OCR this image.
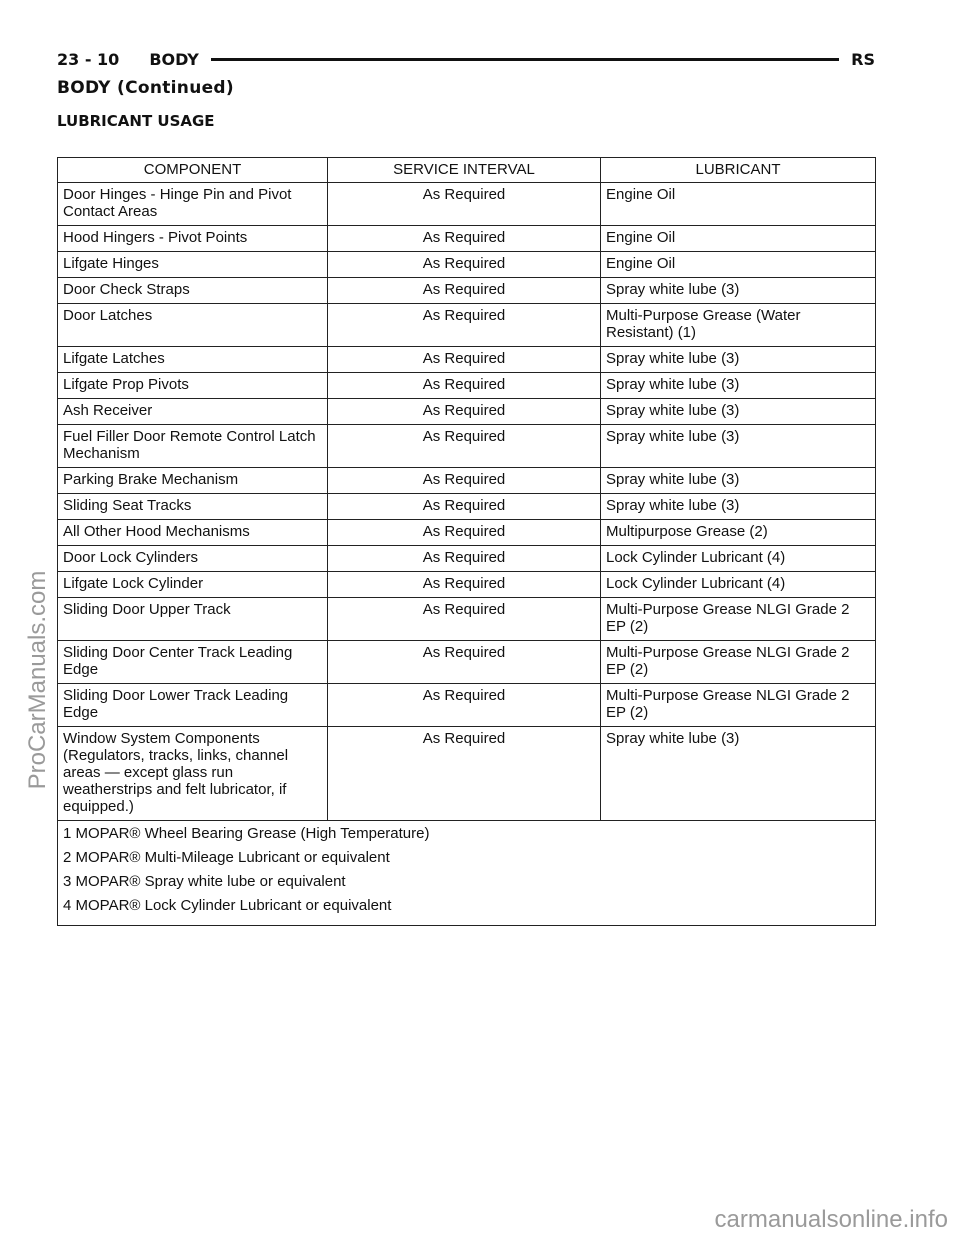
23 - 10 BODY	RS
BODY (Continued)
LUBRICANT USAGE
COMPONENT	SERVICE INTERVAL	LUBRICANT
Door Hinges - Hinge Pin and Pivot Contact Areas	As Required	Engine Oil
Hood Hingers - Pivot Points	As Required	Engine Oil
Lifgate Hinges	As Required	Engine Oil
Door Check Straps	As Required	Spray white lube (3)
Door Latches	As Required	Multi-Purpose Grease (Water Resistant) (1)
Lifgate Latches	As Required	Spray white lube (3)
Lifgate Prop Pivots	As Required	Spray white lube (3)
Ash Receiver	As Required	Spray white lube (3)
Fuel Filler Door Remote Control Latch Mechanism	As Required	Spray white lube (3)
Parking Brake Mechanism	As Required	Spray white lube (3)
Sliding Seat Tracks	As Required	Spray white lube (3)
All Other Hood Mechanisms	As Required	Multipurpose Grease (2)
Door Lock Cylinders	As Required	Lock Cylinder Lubricant (4)
Lifgate Lock Cylinder	As Required	Lock Cylinder Lubricant (4)
Sliding Door Upper Track	As Required	Multi-Purpose Grease NLGI Grade 2 EP (2)
Sliding Door Center Track Leading Edge	As Required	Multi-Purpose Grease NLGI Grade 2 EP (2)
Sliding Door Lower Track Leading Edge	As Required	Multi-Purpose Grease NLGI Grade 2 EP (2)
Window System Components (Regulators, tracks, links, channel areas — except glass run weatherstrips and felt lubricator, if equipped.)	As Required	Spray white lube (3)

1 MOPAR® Wheel Bearing Grease (High Temperature)
2 MOPAR® Multi-Mileage Lubricant or equivalent
3 MOPAR® Spray white lube or equivalent
4 MOPAR® Lock Cylinder Lubricant or equivalent		
ProCarManuals.com
carmanualsonline.info
